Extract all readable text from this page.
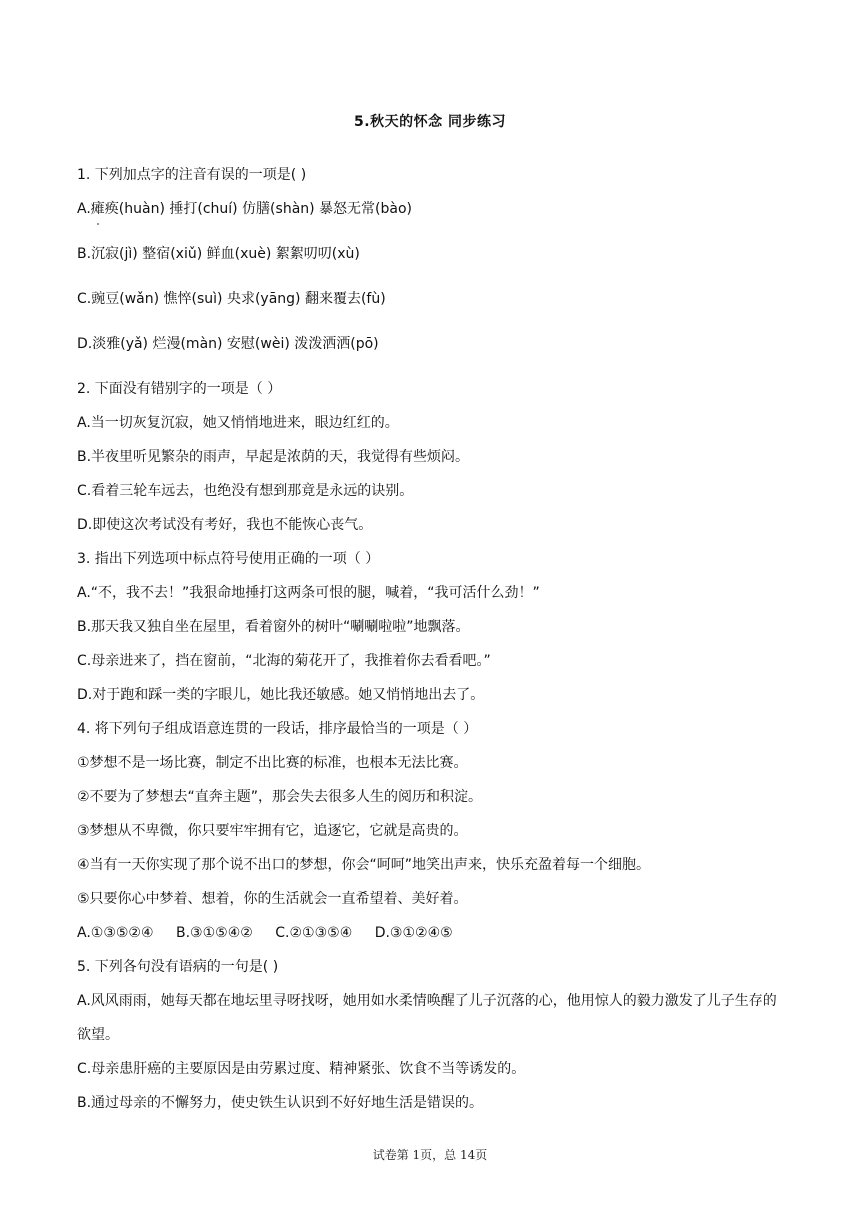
5.秋天的怀念 同步练习
1. 下列加点字的注音有误的一项是( )
A.瘫痪(huàn) 捶打(chuí) 仿膳(shàn) 暴怒无常(bào)
B.沉寂(jì) 整宿(xiǔ) 鲜血(xuè) 絮絮叨叨(xù)
C.豌豆(wǎn) 憔悴(suì) 央求(yāng) 翻来覆去(fù)
D.淡雅(yǎ) 烂漫(màn) 安慰(wèi) 泼泼洒洒(pō)
2. 下面没有错别字的一项是（ ）
A.当一切灰复沉寂，她又悄悄地进来，眼边红红的。
B.半夜里听见繁杂的雨声，早起是浓荫的天，我觉得有些烦闷。
C.看着三轮车远去，也绝没有想到那竟是永远的诀别。
D.即使这次考试没有考好，我也不能恢心丧气。
3. 指出下列选项中标点符号使用正确的一项（ ）
A.“不，我不去！”我狠命地捶打这两条可恨的腿，喊着，“我可活什么劲！”
B.那天我又独自坐在屋里，看着窗外的树叶“唰唰啦啦”地飘落。
C.母亲进来了，挡在窗前，“北海的菊花开了，我推着你去看看吧。”
D.对于跑和踩一类的字眼儿，她比我还敏感。她又悄悄地出去了。
4. 将下列句子组成语意连贯的一段话，排序最恰当的一项是（ ）
①梦想不是一场比赛，制定不出比赛的标准，也根本无法比赛。
②不要为了梦想去“直奔主题”，那会失去很多人生的阅历和积淀。
③梦想从不卑微，你只要牢牢拥有它，追逐它，它就是高贵的。
④当有一天你实现了那个说不出口的梦想，你会“呵呵”地笑出声来，快乐充盈着每一个细胞。
⑤只要你心中梦着、想着，你的生活就会一直希望着、美好着。
A.①③⑤②④ B.③①⑤④② C.②①③⑤④ D.③①②④⑤
5. 下列各句没有语病的一句是( )
A.风风雨雨，她每天都在地坛里寻呀找呀，她用如水柔情唤醒了儿子沉落的心，他用惊人的毅力激发了儿子生存的欲望。
C.母亲患肝癌的主要原因是由劳累过度、精神紧张、饮食不当等诱发的。
B.通过母亲的不懈努力，使史铁生认识到不好好地生活是错误的。
试卷第 1页，总 14页
